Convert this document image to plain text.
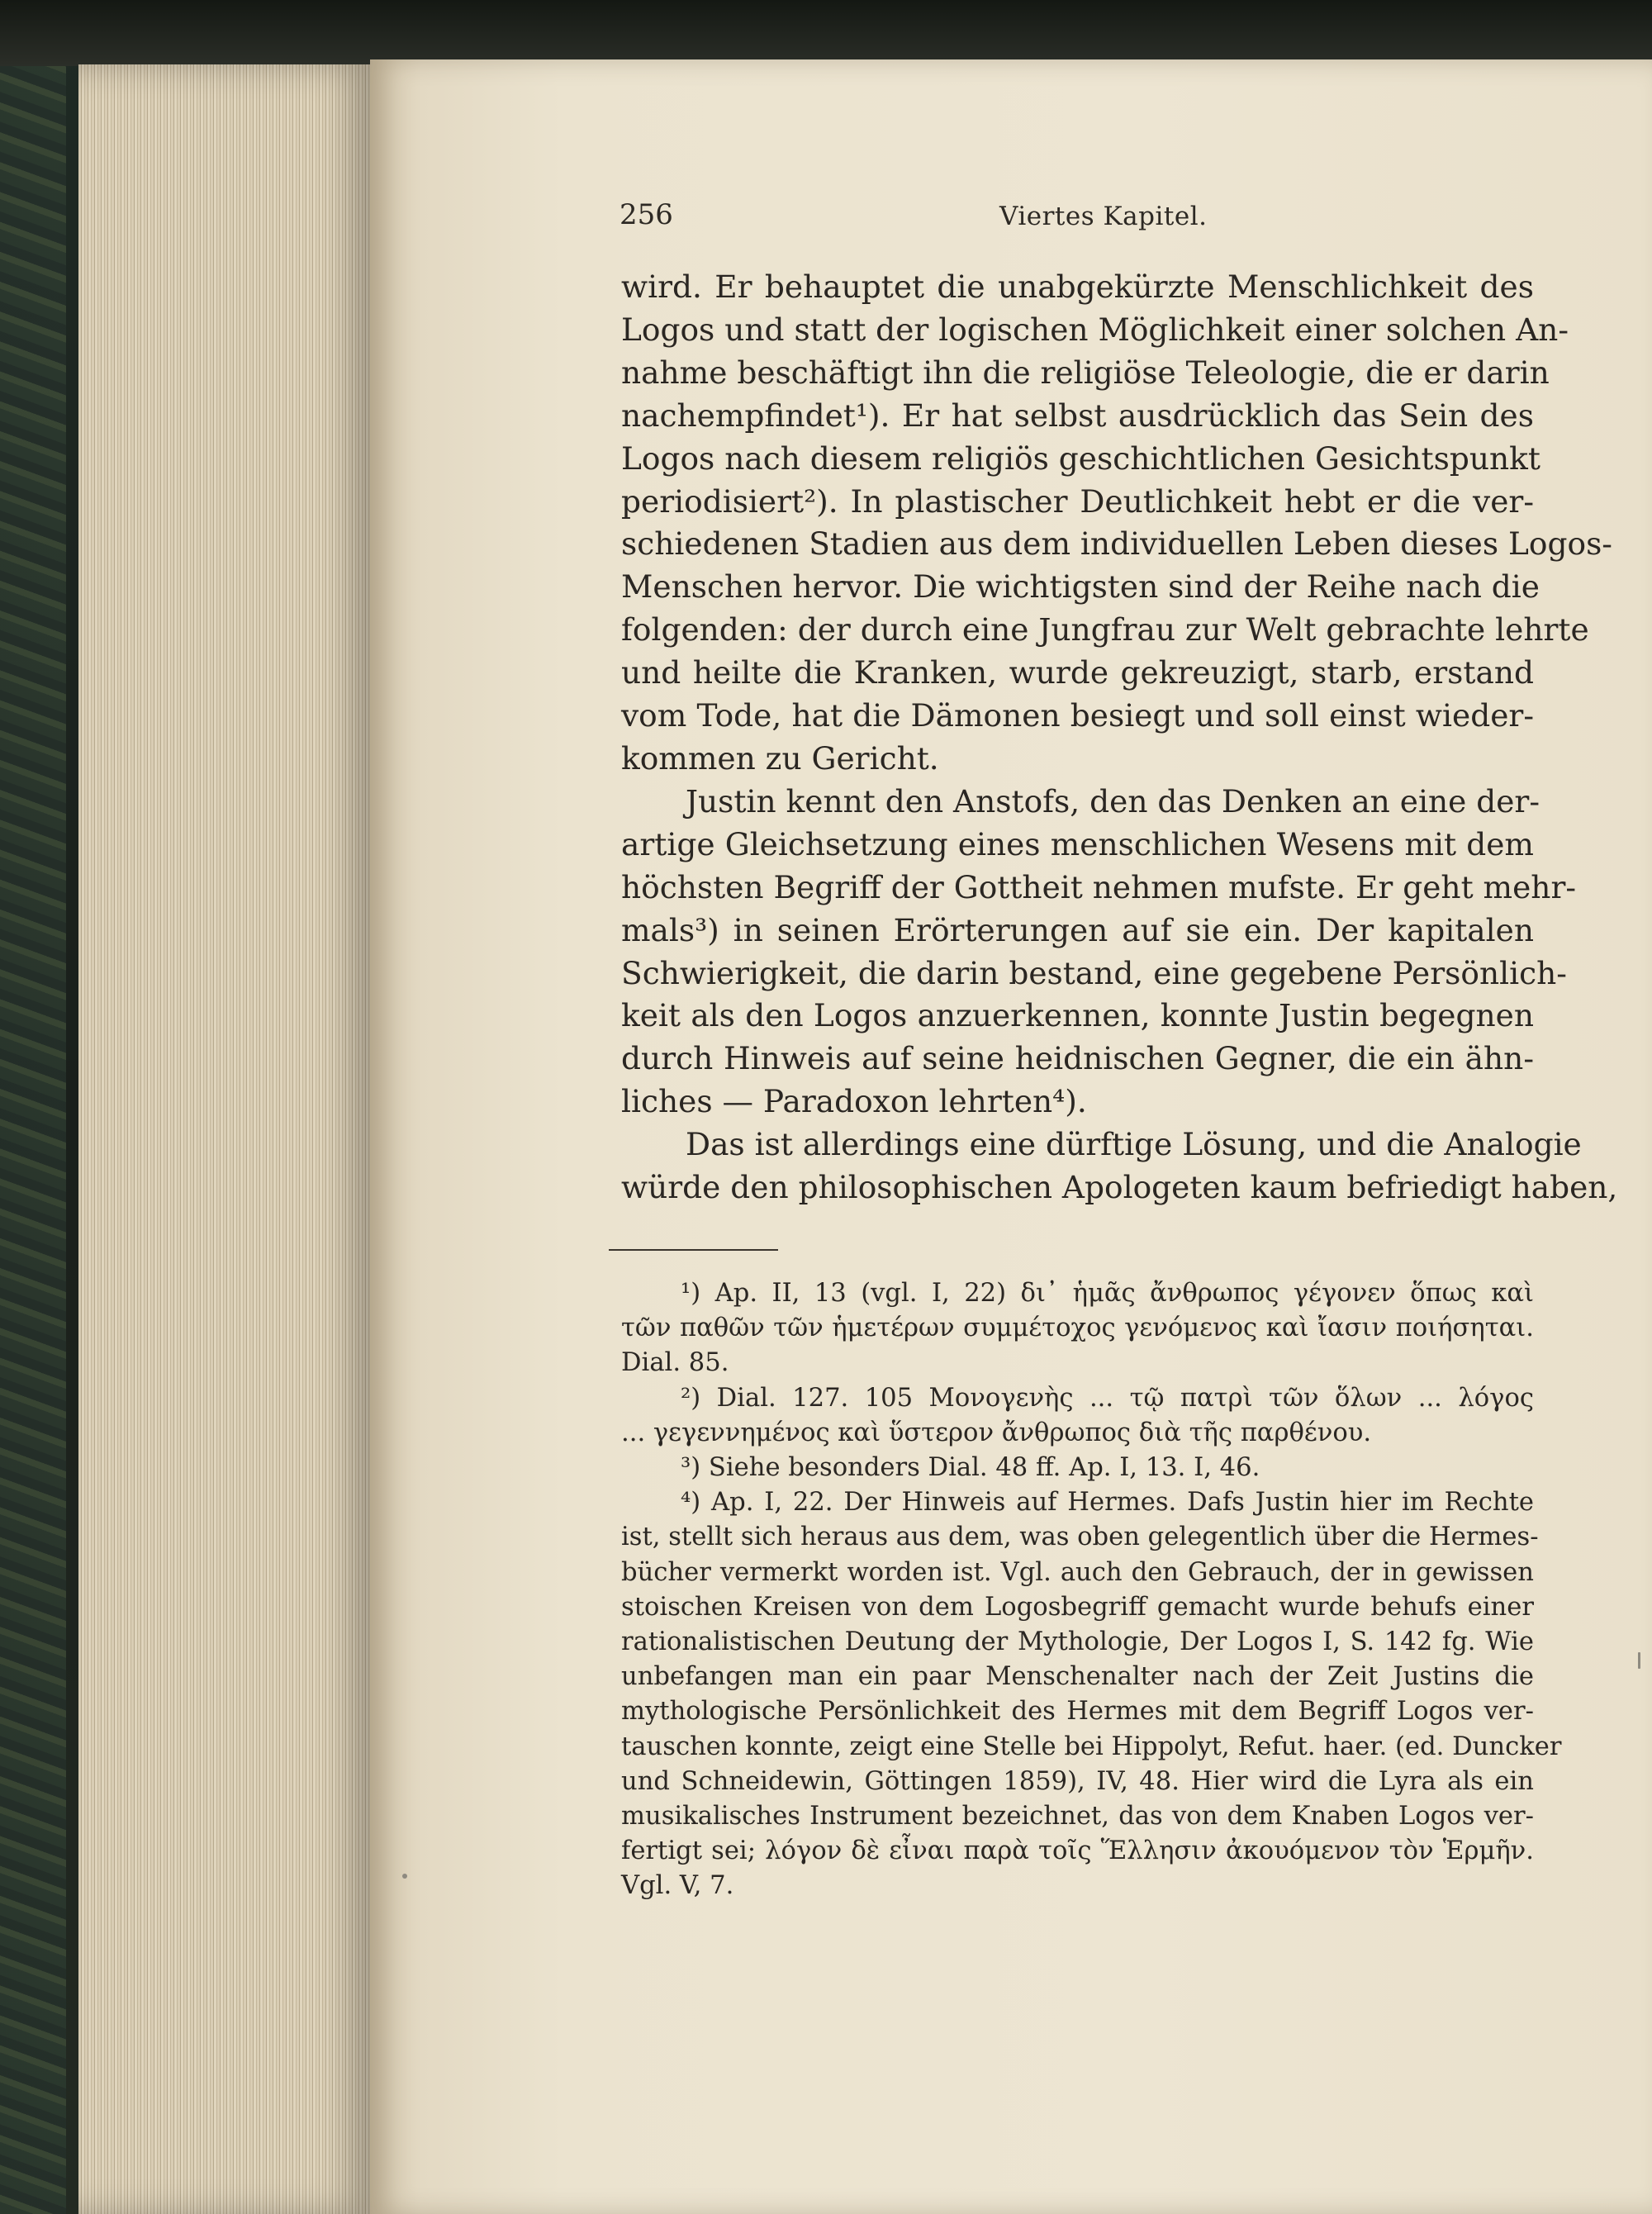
256	Viertes Kapitel.
wird. Er behauptet die unabgekürzte Menschlichkeit des
Logos und statt der logischen Möglichkeit einer solchen An-
nahme beschäftigt ihn die religiöse Teleologie, die er darin
nachempfindet¹). Er hat selbst ausdrücklich das Sein des
Logos nach diesem religiös geschichtlichen Gesichtspunkt
periodisiert²). In plastischer Deutlichkeit hebt er die ver-
schiedenen Stadien aus dem individuellen Leben dieses Logos-
Menschen hervor. Die wichtigsten sind der Reihe nach die
folgenden: der durch eine Jungfrau zur Welt gebrachte lehrte
und heilte die Kranken, wurde gekreuzigt, starb, erstand
vom Tode, hat die Dämonen besiegt und soll einst wieder-
kommen zu Gericht.
Justin kennt den Anstofs, den das Denken an eine der-
artige Gleichsetzung eines menschlichen Wesens mit dem
höchsten Begriff der Gottheit nehmen mufste. Er geht mehr-
mals³) in seinen Erörterungen auf sie ein. Der kapitalen
Schwierigkeit, die darin bestand, eine gegebene Persönlich-
keit als den Logos anzuerkennen, konnte Justin begegnen
durch Hinweis auf seine heidnischen Gegner, die ein ähn-
liches — Paradoxon lehrten⁴).
Das ist allerdings eine dürftige Lösung, und die Analogie
würde den philosophischen Apologeten kaum befriedigt haben,
¹) Ap. II, 13 (vgl. I, 22) δι᾽ ἡμᾶς ἄνθρωπος γέγονεν ὅπως καὶ
τῶν παθῶν τῶν ἡμετέρων συμμέτοχος γενόμενος καὶ ἴασιν ποιήσηται.
Dial. 85.
²) Dial. 127. 105 Μονογενὴς ... τῷ πατρὶ τῶν ὅλων ... λόγος
... γεγεννημένος καὶ ὕστερον ἄνθρωπος διὰ τῆς παρθένου.
³) Siehe besonders Dial. 48 ff. Ap. I, 13. I, 46.
⁴) Ap. I, 22. Der Hinweis auf Hermes. Dafs Justin hier im Rechte
ist, stellt sich heraus aus dem, was oben gelegentlich über die Hermes-
bücher vermerkt worden ist. Vgl. auch den Gebrauch, der in gewissen
stoischen Kreisen von dem Logosbegriff gemacht wurde behufs einer
rationalistischen Deutung der Mythologie, Der Logos I, S. 142 fg. Wie
unbefangen man ein paar Menschenalter nach der Zeit Justins die
mythologische Persönlichkeit des Hermes mit dem Begriff Logos ver-
tauschen konnte, zeigt eine Stelle bei Hippolyt, Refut. haer. (ed. Duncker
und Schneidewin, Göttingen 1859), IV, 48. Hier wird die Lyra als ein
musikalisches Instrument bezeichnet, das von dem Knaben Logos ver-
fertigt sei; λόγον δὲ εἶναι παρὰ τοῖς Ἕλλησιν ἀκουόμενον τὸν Ἑρμῆν.
Vgl. V, 7.
